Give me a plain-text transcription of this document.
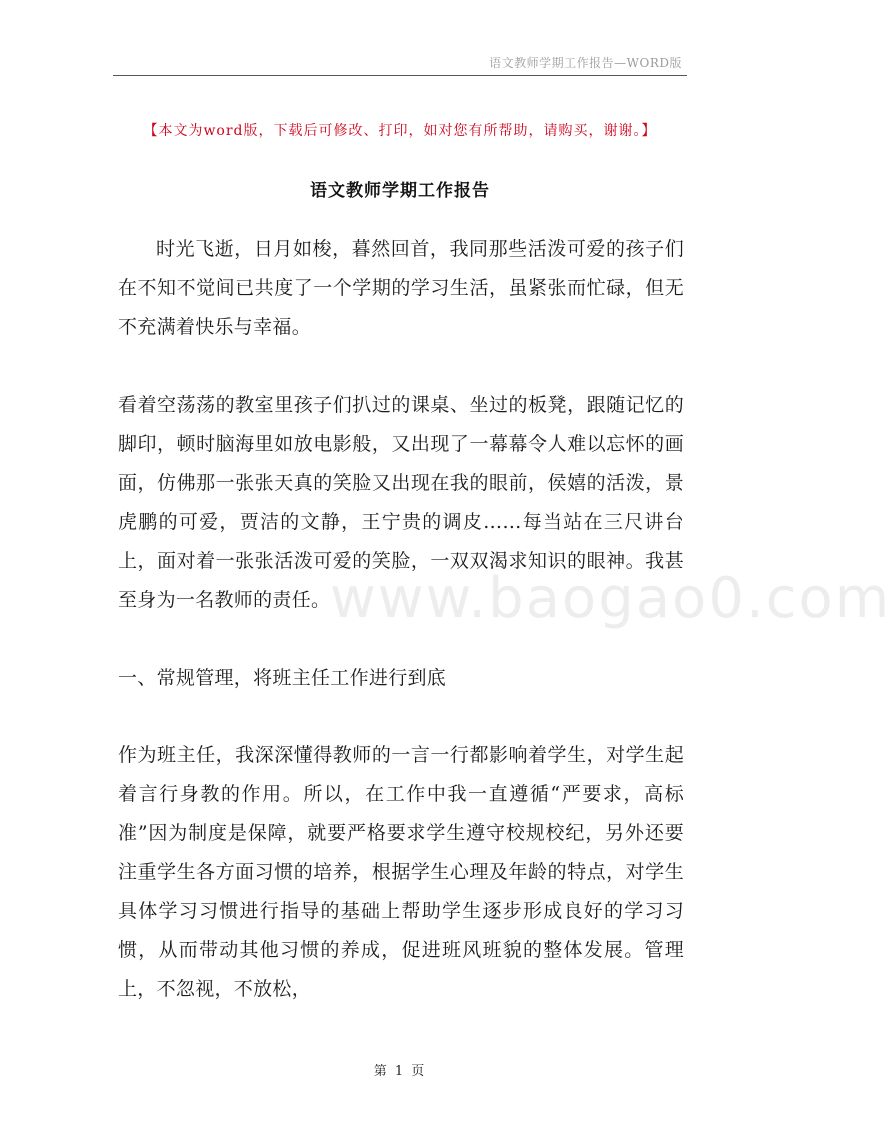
语文教师学期工作报告—WORD版
【本文为word版，下载后可修改、打印，如对您有所帮助，请购买，谢谢。】
语文教师学期工作报告
www.baogao0.com

时光飞逝，日月如梭，暮然回首，我同那些活泼可爱的孩子们在不知不觉间已共度了一个学期的学习生活，虽紧张而忙碌，但无不充满着快乐与幸福。

看着空荡荡的教室里孩子们扒过的课桌、坐过的板凳，跟随记忆的脚印，顿时脑海里如放电影般，又出现了一幕幕令人难以忘怀的画面，仿佛那一张张天真的笑脸又出现在我的眼前，侯嬉的活泼，景虎鹏的可爱，贾洁的文静，王宁贵的调皮……每当站在三尺讲台上，面对着一张张活泼可爱的笑脸，一双双渴求知识的眼神。我甚至身为一名教师的责任。

一、常规管理，将班主任工作进行到底

作为班主任，我深深懂得教师的一言一行都影响着学生，对学生起着言行身教的作用。所以，在工作中我一直遵循“严要求，高标准”因为制度是保障，就要严格要求学生遵守校规校纪，另外还要注重学生各方面习惯的培养，根据学生心理及年龄的特点，对学生具体学习习惯进行指导的基础上帮助学生逐步形成良好的学习习惯，从而带动其他习惯的养成，促进班风班貌的整体发展。管理上，不忽视，不放松，

第 1 页
